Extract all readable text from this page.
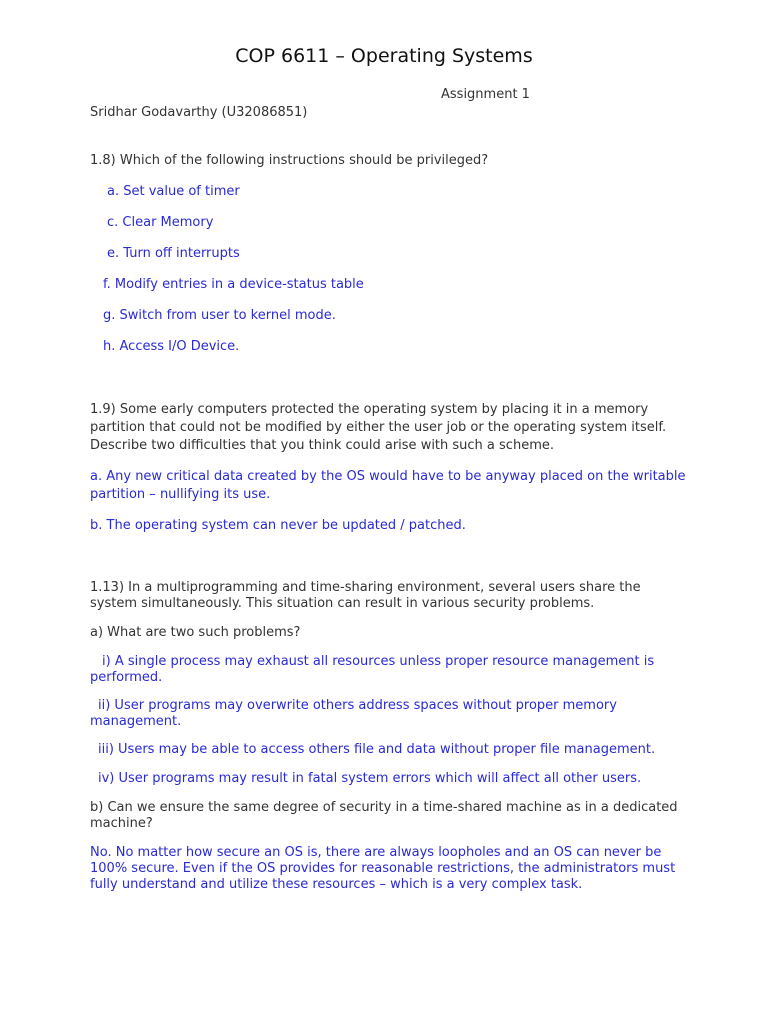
COP 6611 – Operating Systems
Assignment 1
Sridhar Godavarthy (U32086851)
1.8) Which of the following instructions should be privileged?
a. Set value of timer
c. Clear Memory
e. Turn off interrupts
f. Modify entries in a device-status table
g. Switch from user to kernel mode.
h. Access I/O Device.

1.9) Some early computers protected the operating system by placing it in a memory partition that could not be modified by either the user job or the operating system itself. Describe two difficulties that you think could arise with such a scheme.

a. Any new critical data created by the OS would have to be anyway placed on the writable partition – nullifying its use.

b. The operating system can never be updated / patched.

1.13) In a multiprogramming and time-sharing environment, several users share the system simultaneously. This situation can result in various security problems.

a) What are two such problems?

i) A single process may exhaust all resources unless proper resource management is performed.

ii) User programs may overwrite others address spaces without proper memory management.

iii) Users may be able to access others file and data without proper file management.
iv) User programs may result in fatal system errors which will affect all other users.

b) Can we ensure the same degree of security in a time-shared machine as in a dedicated machine?

No. No matter how secure an OS is, there are always loopholes and an OS can never be 100% secure. Even if the OS provides for reasonable restrictions, the administrators must fully understand and utilize these resources – which is a very complex task.
